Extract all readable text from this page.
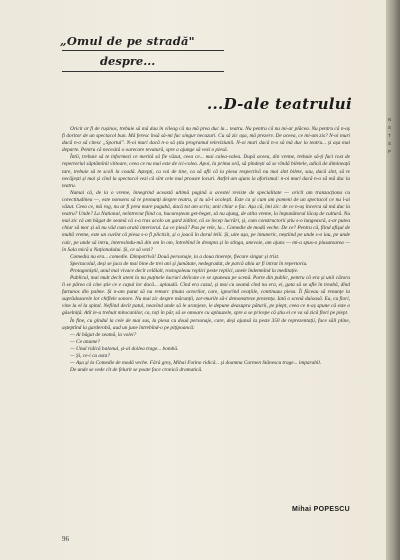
„Omul de pe stradă"
despre...
...D-ale teatrului

Oricit ar fi de rușinos, trebuie să mă dau în vileag că nu mă prea duc la... teatru. Nu pentru că nu mi-ar plăcea. Nu pentru că n-aș fi doritor de un spectacol bun. Mă feresc însă să-mi fac singur necazuri. Cu să zic așa, mă prezerv. De aceea, ce mi-am zis? N-oi muri dacă n-o să citesc „Sportul". N-oi muri dacă n-o să știu programul televiziunii. N-oi muri dacă n-o să mă duc la teatru... și așa mai departe. Pentru că necesită o oarecare tevatură, spre a ajunge să vezi o piesă.

Întîi, trebuie să te informezi ce merită să fie văzut, ceea ce... mai calea-valea. După aceea, din vreme, trebuie să-ți faci rost de repertoriul săptămînii viitoare, ceea ce nu mai este de ici-colea. Apoi, la prima oră, să pîndești să se vîndă biletele, adică de dimineață tare, trebuie să te scoli la coadă. Aștepți, ca vai de tine, ca să afli că la piesa respectivă nu mai sînt bilete, sau, dacă sînt, să te necăjești și mai și cînd la spectacol vezi că sînt cele mai proaste locuri. Astfel am ajuns la aforismul: n-oi muri dacă n-o să mă duc la teatru.

Numai că, de la o vreme, înnegrind această ultimă pagină a acestei reviste de specialitate — oricît am tranzacționa cu corectitudinea —, este nonsens să te pronunți despre teatru, și tu să-l ocolești. Este ca și cum am pomeni de un spectacol ce nu l-ai văzut. Ceea ce, mă rog, nu ar fi prea mare pagubă, dacă tot am scris; unii chiar o fac. Așa că, îmi zic: de ce n-aș încerca să mă duc la teatru? Unde? La National, neîntrecut fiind ca, bucureștean get-beget, să nu ajung, de atîta vreme, la împunătorul lăcaș de cultură. Nu mai zic că am băgat de seamă că s-a tras acolo un gard ziditor, că se încep lucrări, și, cum constructorii știu s-o lungească, s-ar putea chiar să mor și să nu văd cum arată interiorul. La ce piesă? Pus pe rele, la... Comedie de modă veche. De ce? Pentru că, fiind afișul de multă vreme, este un cuvînt că piesa s-o fi plictisit, și o joacă în dorul lelii. Și, uite așa, pe intuneric, neștiind pe unde s-o iau, pe unde calc, pe unde să intru, interesîndu-mă din om în om, întrebînd în dreapta și în stînga, anevoie, am ajuns — mi-a spus-o plasatoarea — în Sala mică a Naționalului. Și, ce să vezi?

Comedia nu era... comedie. Dimpotrivă! Două personaje, la a doua tinerețe, fiecare singur și trist.

Spectacolul, deși se juca de mai bine de trei ani și jumătate, nedegradat, de parcă abia ar fi intrat în repertoriu.

Protagoniștii, unul mai vivace decît celălalt, rostogoleau replici peste replici, unele îndemnînd la meditație.

Publicul, mai mult decît atent la nu puținele lucruri delicate ce se spuneau pe scenă. Parte din public, pentru că era și unii cărora li se părea că cine știe ce e capul lor dacă... aplaudă. Cînd era cazul, și mai cu seamă cînd nu era, ei, gata să se afle în treabă, dînd furtunos din palme. Și n-am putut să nu remarc ținuta actorilor, care, ignorînd ovațiile, continuau piesa. Îi făceau să renunțe la suprădozarele lor chiflele sonore. Nu mai zic despre mărunții, zor-murile să-i demonstreze prezența. Iată o scenă duioasă. Ea, cu fiori, vine la el la spital. Nefiind decît patul, neavînd unde să le aranjeze, le depune deasupra păturii, pe piept, ceea ce n-aș spune că este o găselniță. Atît le-a trebuit mitocanilor, ca, toți în păr, să se omoare cu aplauzele, spre a se pricepe că știu ei ce va să zică flori pe piept.

În fine, cu gîndul la cele de mai sus, la piesa cu două personaje, care, deși ajunsă la peste 350 de reprezentații, face săli pline, așteptînd la garderobă, aud un june întrebînd-o pe pițipoancă:

— Ai băgat de seamă, la volei?

— Ce anume?

— Unul ridică balonul, și-al doilea trage... bombă.

— Și, ce-i cu asta?

— Așa și la Comedie de modă veche. Fără greș, Mihai Fotino ridică... și doamna Carmen Stănescu trage... imparabil.

De unde se vede cît de felurit se poate face cronică dramatică.

Mihai POPESCU
96
N
S
T
S
P
